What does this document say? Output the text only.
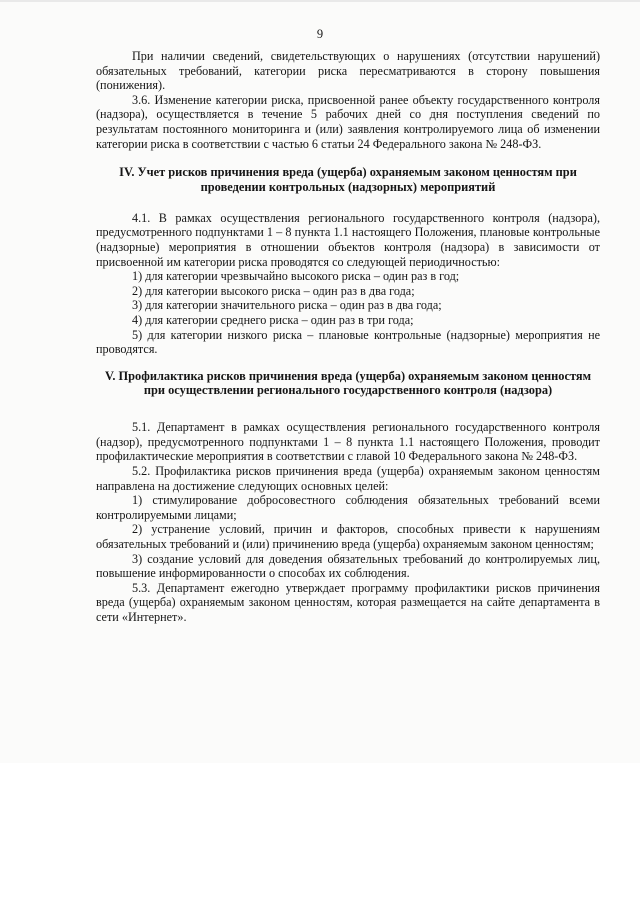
9

При наличии сведений, свидетельствующих о нарушениях (отсутствии нарушений) обязательных требований, категории риска пересматриваются в сторону повышения (понижения).

3.6. Изменение категории риска, присвоенной ранее объекту государственного контроля (надзора), осуществляется в течение 5 рабочих дней со дня поступления сведений по результатам постоянного мониторинга и (или) заявления контролируемого лица об изменении категории риска в соответствии с частью 6 статьи 24 Федерального закона № 248-ФЗ.

IV. Учет рисков причинения вреда (ущерба) охраняемым законом ценностям при проведении контрольных (надзорных) мероприятий

4.1. В рамках осуществления регионального государственного контроля (надзора), предусмотренного подпунктами 1 – 8 пункта 1.1 настоящего Положения, плановые контрольные (надзорные) мероприятия в отношении объектов контроля (надзора) в зависимости от присвоенной им категории риска проводятся со следующей периодичностью:

1) для категории чрезвычайно высокого риска – один раз в год;

2) для категории высокого риска – один раз в два года;

3) для категории значительного риска – один раз в два года;

4) для категории среднего риска – один раз в три года;

5) для категории низкого риска – плановые контрольные (надзорные) мероприятия не проводятся.

V. Профилактика рисков причинения вреда (ущерба) охраняемым законом ценностям при осуществлении регионального государственного контроля (надзора)

5.1. Департамент в рамках осуществления регионального государственного контроля (надзор), предусмотренного подпунктами 1 – 8 пункта 1.1 настоящего Положения, проводит профилактические мероприятия в соответствии с главой 10 Федерального закона № 248-ФЗ.

5.2. Профилактика рисков причинения вреда (ущерба) охраняемым законом ценностям направлена на достижение следующих основных целей:

1) стимулирование добросовестного соблюдения обязательных требований всеми контролируемыми лицами;

2) устранение условий, причин и факторов, способных привести к нарушениям обязательных требований и (или) причинению вреда (ущерба) охраняемым законом ценностям;

3) создание условий для доведения обязательных требований до контролируемых лиц, повышение информированности о способах их соблюдения.

5.3. Департамент ежегодно утверждает программу профилактики рисков причинения вреда (ущерба) охраняемым законом ценностям, которая размещается на сайте департамента в сети «Интернет».
